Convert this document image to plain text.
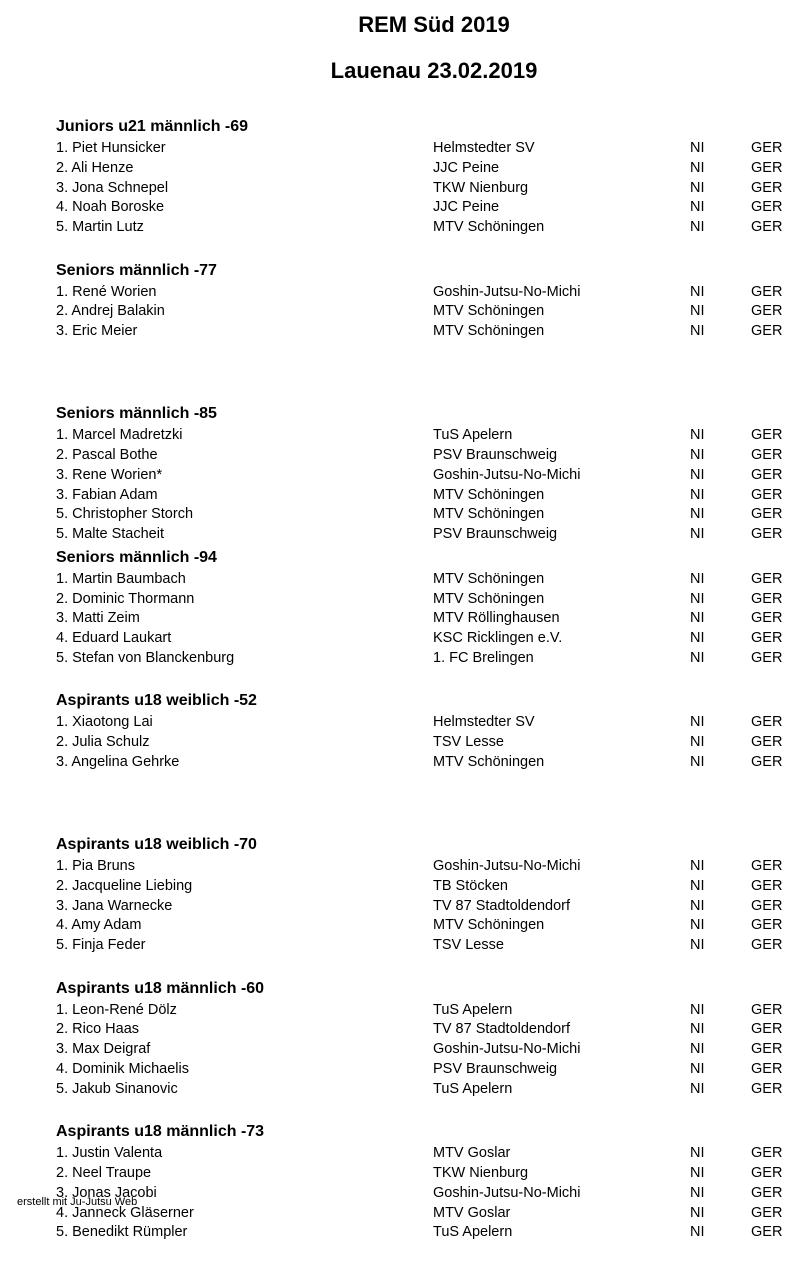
REM Süd 2019
Lauenau 23.02.2019
Juniors u21 männlich -69
1. Piet Hunsicker	Helmstedter SV	NI	GER
2. Ali Henze	JJC Peine	NI	GER
3. Jona Schnepel	TKW Nienburg	NI	GER
4. Noah Boroske	JJC Peine	NI	GER
5. Martin Lutz	MTV Schöningen	NI	GER
Seniors männlich -77
1. René Worien	Goshin-Jutsu-No-Michi	NI	GER
2. Andrej Balakin	MTV Schöningen	NI	GER
3. Eric Meier	MTV Schöningen	NI	GER
Seniors männlich -85
1. Marcel Madretzki	TuS Apelern	NI	GER
2. Pascal Bothe	PSV Braunschweig	NI	GER
3. Rene Worien*	Goshin-Jutsu-No-Michi	NI	GER
3. Fabian Adam	MTV Schöningen	NI	GER
5. Christopher Storch	MTV Schöningen	NI	GER
5. Malte Stacheit	PSV Braunschweig	NI	GER
Seniors männlich -94
1. Martin Baumbach	MTV Schöningen	NI	GER
2. Dominic Thormann	MTV Schöningen	NI	GER
3. Matti Zeim	MTV Röllinghausen	NI	GER
4. Eduard Laukart	KSC Ricklingen e.V.	NI	GER
5. Stefan von Blanckenburg	1. FC Brelingen	NI	GER
Aspirants u18 weiblich -52
1. Xiaotong Lai	Helmstedter SV	NI	GER
2. Julia Schulz	TSV Lesse	NI	GER
3. Angelina Gehrke	MTV Schöningen	NI	GER
Aspirants u18 weiblich -70
1. Pia Bruns	Goshin-Jutsu-No-Michi	NI	GER
2. Jacqueline Liebing	TB Stöcken	NI	GER
3. Jana Warnecke	TV 87 Stadtoldendorf	NI	GER
4. Amy Adam	MTV Schöningen	NI	GER
5. Finja Feder	TSV Lesse	NI	GER
Aspirants u18 männlich -60
1. Leon-René Dölz	TuS Apelern	NI	GER
2. Rico Haas	TV 87 Stadtoldendorf	NI	GER
3. Max Deigraf	Goshin-Jutsu-No-Michi	NI	GER
4. Dominik Michaelis	PSV Braunschweig	NI	GER
5. Jakub Sinanovic	TuS Apelern	NI	GER
Aspirants u18 männlich -73
1. Justin Valenta	MTV Goslar	NI	GER
2. Neel Traupe	TKW Nienburg	NI	GER
3. Jonas Jacobi	Goshin-Jutsu-No-Michi	NI	GER
4. Janneck Gläserner	MTV Goslar	NI	GER
5. Benedikt Rümpler	TuS Apelern	NI	GER
erstellt mit Ju-Jutsu Web
